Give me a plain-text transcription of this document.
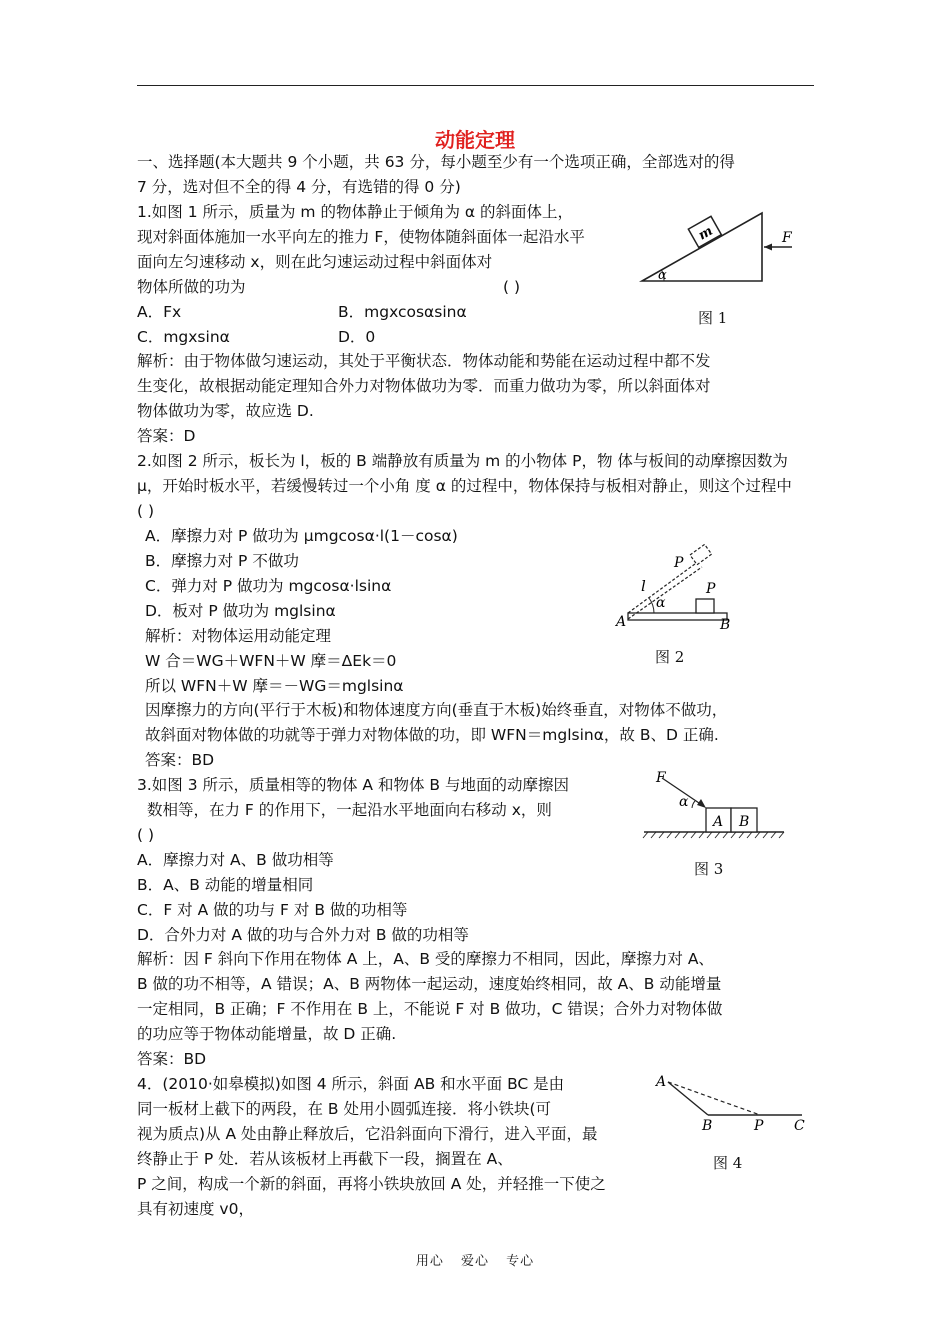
动能定理
一、选择题(本大题共 9 个小题，共 63 分，每小题至少有一个选项正确，全部选对的得
7 分，选对但不全的得 4 分，有选错的得 0 分)
1.如图 1 所示，质量为 m 的物体静止于倾角为 α 的斜面体上，
现对斜面体施加一水平向左的推力 F，使物体随斜面体一起沿水平
面向左匀速移动 x，则在此匀速运动过程中斜面体对
物体所做的功为	( )
A．Fx	B．mgxcosαsinα
C．mgxsinα	D．0
解析：由于物体做匀速运动，其处于平衡状态．物体动能和势能在运动过程中都不发
生变化，故根据动能定理知合外力对物体做功为零．而重力做功为零，所以斜面体对
物体做功为零，故应选 D.
答案：D
m	F
α
图 1
2.如图 2 所示，板长为 l，板的 B 端静放有质量为 m 的小物体 P，物 体与板间的动摩擦因数为
μ，开始时板水平，若缓慢转过一个小角 度 α 的过程中，物体保持与板相对静止，则这个过程中
( )
A．摩擦力对 P 做功为 μmgcosα·l(1－cosα)
B．摩擦力对 P 不做功
C．弹力对 P 做功为 mgcosα·lsinα
D．板对 P 做功为 mglsinα
解析：对物体运用动能定理
W 合＝WG＋WFN＋W 摩＝ΔEk＝0
所以 WFN＋W 摩＝－WG＝mglsinα
因摩擦力的方向(平行于木板)和物体速度方向(垂直于木板)始终垂直，对物体不做功，
故斜面对物体做的功就等于弹力对物体做的功，即 WFN＝mglsinα，故 B、D 正确.
答案：BD
α
l
P
P
A	B
图 2
3.如图 3 所示，质量相等的物体 A 和物体 B 与地面的动摩擦因
数相等，在力 F 的作用下，一起沿水平地面向右移动 x，则
( )
A．摩擦力对 A、B 做功相等
B．A、B 动能的增量相同
C．F 对 A 做的功与 F 对 B 做的功相等
D．合外力对 A 做的功与合外力对 B 做的功相等
解析：因 F 斜向下作用在物体 A 上，A、B 受的摩擦力不相同，因此，摩擦力对 A、
B 做的功不相等，A 错误；A、B 两物体一起运动，速度始终相同，故 A、B 动能增量
一定相同，B 正确；F 不作用在 B 上，不能说 F 对 B 做功，C 错误；合外力对物体做
的功应等于物体动能增量，故 D 正确.
答案：BD
F
α
A B
图 3
4．(2010·如皋模拟)如图 4 所示，斜面 AB 和水平面 BC 是由
同一板材上截下的两段，在 B 处用小圆弧连接．将小铁块(可
视为质点)从 A 处由静止释放后，它沿斜面向下滑行，进入平面，最
终静止于 P 处．若从该板材上再截下一段，搁置在 A、
P 之间，构成一个新的斜面，再将小铁块放回 A 处，并轻推一下使之
具有初速度 v0，
A
B	P C
图 4
用心 爱心 专心
